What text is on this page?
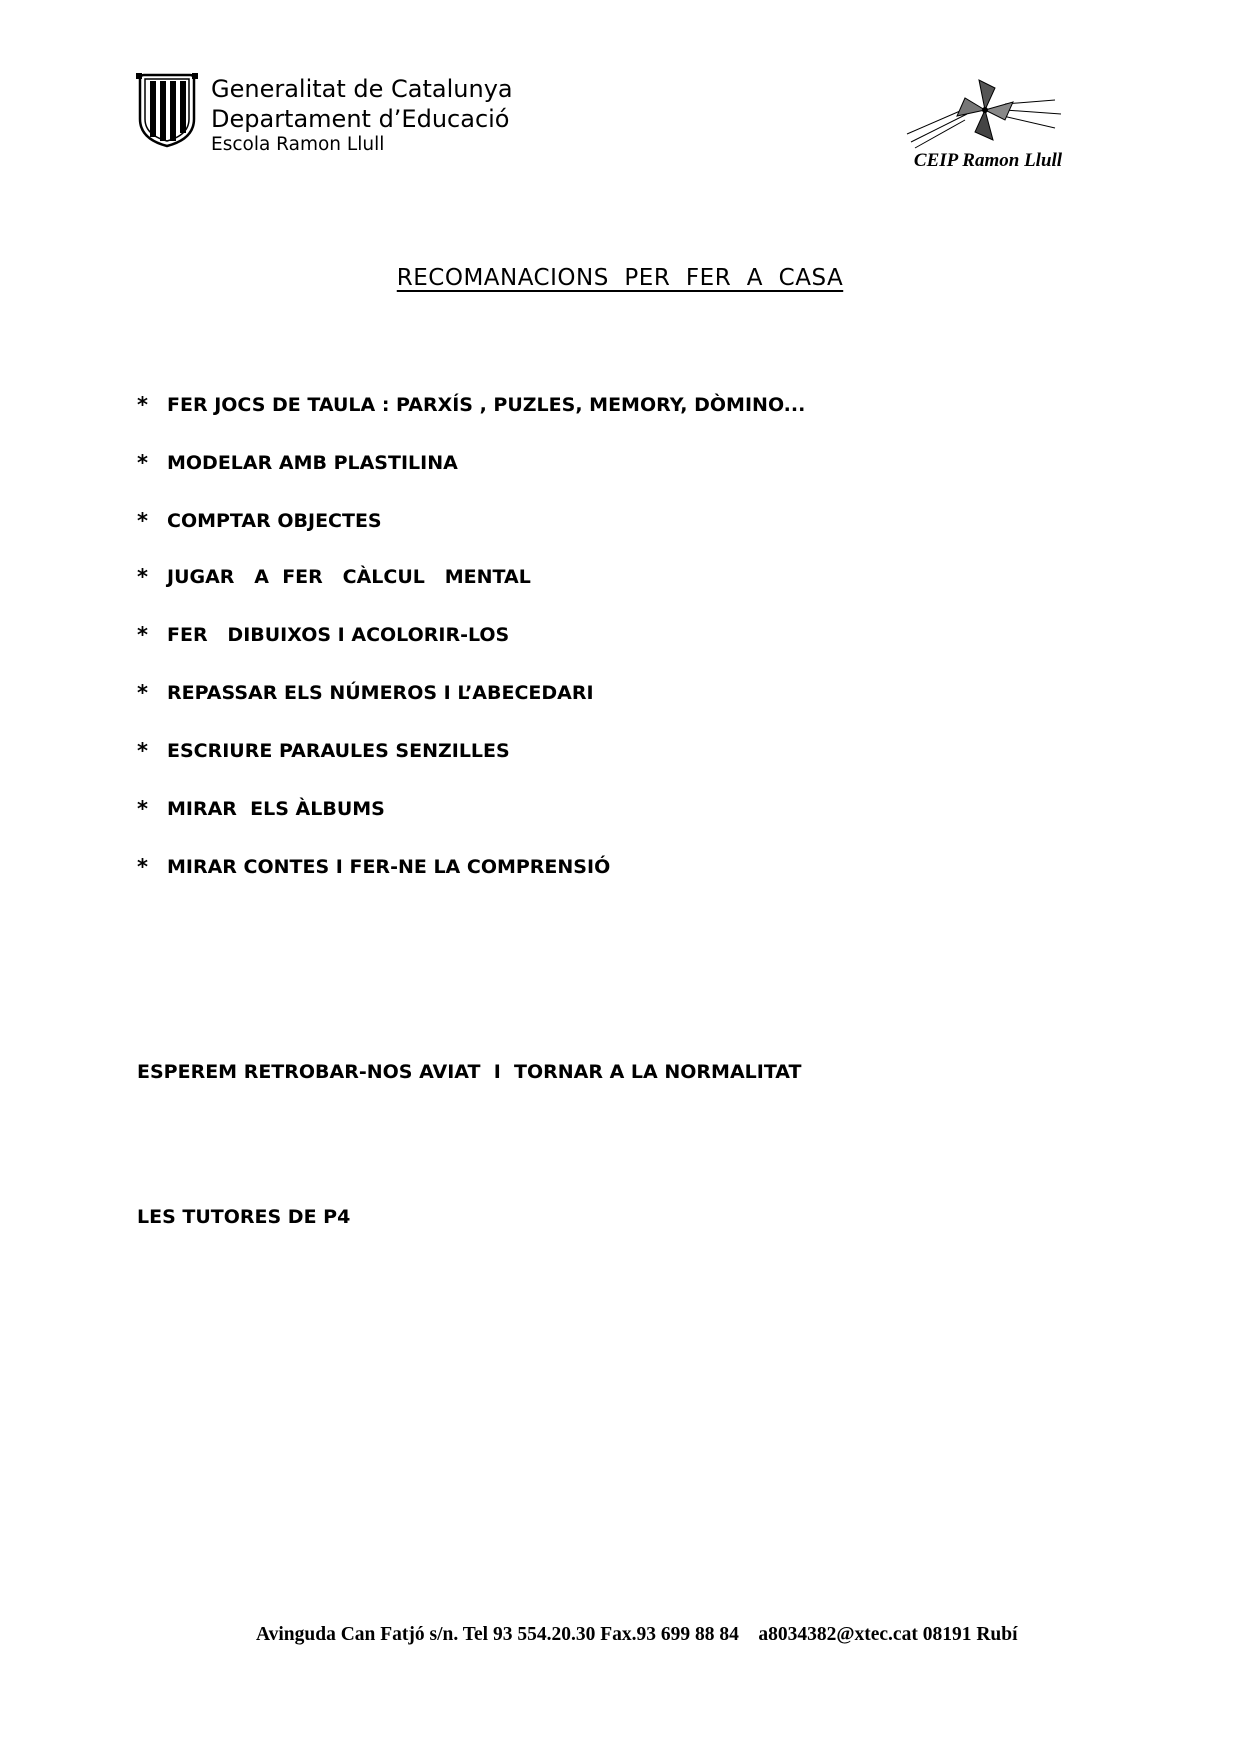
Generalitat de Catalunya
Departament d’Educació
Escola Ramon Llull
CEIP Ramon Llull
RECOMANACIONS  PER  FER  A  CASA
*	FER JOCS DE TAULA : PARXÍS , PUZLES, MEMORY, DÒMINO...
*	MODELAR AMB PLASTILINA
*	COMPTAR OBJECTES
*	JUGAR   A  FER   CÀLCUL   MENTAL
*	FER   DIBUIXOS I ACOLORIR-LOS
*	REPASSAR ELS NÚMEROS I L’ABECEDARI
*	ESCRIURE PARAULES SENZILLES
*	MIRAR  ELS ÀLBUMS
*	MIRAR CONTES I FER-NE LA COMPRENSIÓ
ESPEREM RETROBAR-NOS AVIAT  I  TORNAR A LA NORMALITAT
LES TUTORES DE P4
Avinguda Can Fatjó s/n. Tel 93 554.20.30 Fax.93 699 88 84    a8034382@xtec.cat 08191 Rubí
